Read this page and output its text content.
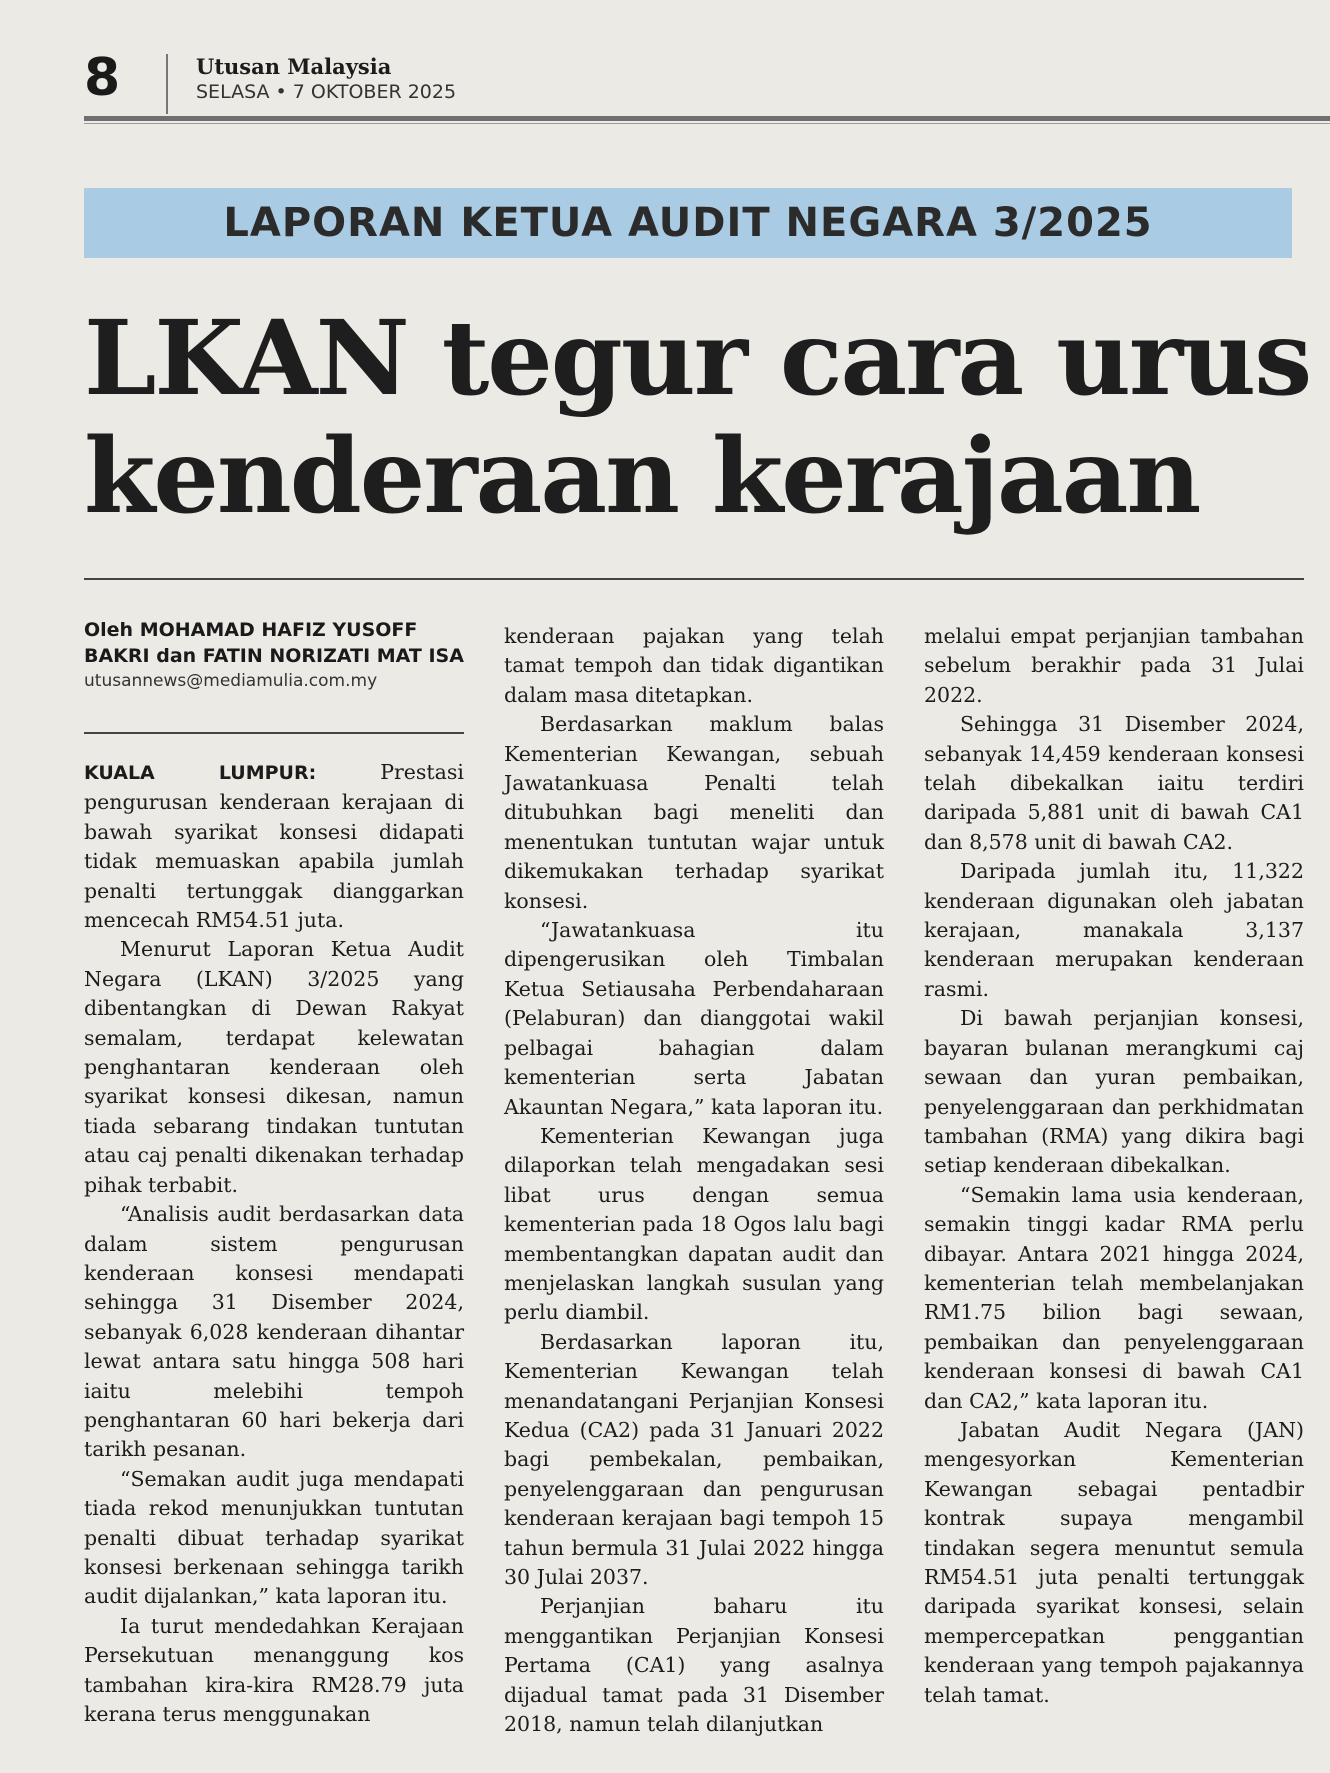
8	Utusan Malaysia
SELASA • 7 OKTOBER 2025
LAPORAN KETUA AUDIT NEGARA 3/2025
LKAN tegur cara urus
kenderaan kerajaan
Oleh MOHAMAD HAFIZ YUSOFF BAKRI dan FATIN NORIZATI MAT ISA
utusannews@mediamulia.com.my

KUALA LUMPUR:	Prestasi pengurusan kenderaan kerajaan di bawah syarikat konsesi didapati tidak memuaskan apabila jumlah penalti tertunggak dianggarkan mencecah RM54.51 juta.

Menurut Laporan Ketua Audit Negara (LKAN) 3/2025 yang dibentangkan di Dewan Rakyat semalam, terdapat kelewatan penghantaran kenderaan oleh syarikat konsesi dikesan, namun tiada sebarang tindakan tuntutan atau caj penalti dikenakan terhadap pihak terbabit.

“Analisis audit berdasarkan data dalam sistem pengurusan kenderaan konsesi mendapati sehingga 31 Disember 2024, sebanyak 6,028 kenderaan dihantar lewat antara satu hingga 508 hari iaitu melebihi tempoh penghantaran 60 hari bekerja dari tarikh pesanan.

“Semakan audit juga mendapati tiada rekod menunjukkan tuntutan penalti dibuat terhadap syarikat konsesi berkenaan sehingga tarikh audit dijalankan,” kata laporan itu.

Ia turut mendedahkan Kerajaan Persekutuan menanggung kos tambahan kira-kira RM28.79 juta kerana terus menggunakan

kenderaan pajakan yang telah tamat tempoh dan tidak digantikan dalam masa ditetapkan.

Berdasarkan maklum balas Kementerian Kewangan, sebuah Jawatankuasa Penalti telah ditubuhkan bagi meneliti dan menentukan tuntutan wajar untuk dikemukakan terhadap syarikat konsesi.

“Jawatankuasa itu dipengerusikan oleh Timbalan Ketua Setiausaha Perbendaharaan (Pelaburan) dan dianggotai wakil pelbagai bahagian dalam kementerian serta Jabatan Akauntan Negara,” kata laporan itu.

Kementerian Kewangan juga dilaporkan telah mengadakan sesi libat urus dengan semua kementerian pada 18 Ogos lalu bagi membentangkan dapatan audit dan menjelaskan langkah susulan yang perlu diambil.

Berdasarkan laporan itu, Kementerian Kewangan telah menandatangani Perjanjian Konsesi Kedua (CA2) pada 31 Januari 2022 bagi pembekalan, pembaikan, penyelenggaraan dan pengurusan kenderaan kerajaan bagi tempoh 15 tahun bermula 31 Julai 2022 hingga 30 Julai 2037.

Perjanjian baharu itu menggantikan Perjanjian Konsesi Pertama (CA1) yang asalnya dijadual tamat pada 31 Disember 2018, namun telah dilanjutkan

melalui empat perjanjian tambahan sebelum berakhir pada 31 Julai 2022.

Sehingga 31 Disember 2024, sebanyak 14,459 kenderaan konsesi telah dibekalkan iaitu terdiri daripada 5,881 unit di bawah CA1 dan 8,578 unit di bawah CA2.

Daripada jumlah itu, 11,322 kenderaan digunakan oleh jabatan kerajaan, manakala 3,137 kenderaan merupakan kenderaan rasmi.

Di bawah perjanjian konsesi, bayaran bulanan merangkumi caj sewaan dan yuran pembaikan, penyelenggaraan dan perkhidmatan tambahan (RMA) yang dikira bagi setiap kenderaan dibekalkan.

“Semakin lama usia kenderaan, semakin tinggi kadar RMA perlu dibayar. Antara 2021 hingga 2024, kementerian telah membelanjakan RM1.75 bilion bagi sewaan, pembaikan dan penyelenggaraan kenderaan konsesi di bawah CA1 dan CA2,” kata laporan itu.

Jabatan Audit Negara (JAN) mengesyorkan Kementerian Kewangan sebagai pentadbir kontrak supaya mengambil tindakan segera menuntut semula RM54.51 juta penalti tertunggak daripada syarikat konsesi, selain mempercepatkan penggantian kenderaan yang tempoh pajakannya telah tamat.
